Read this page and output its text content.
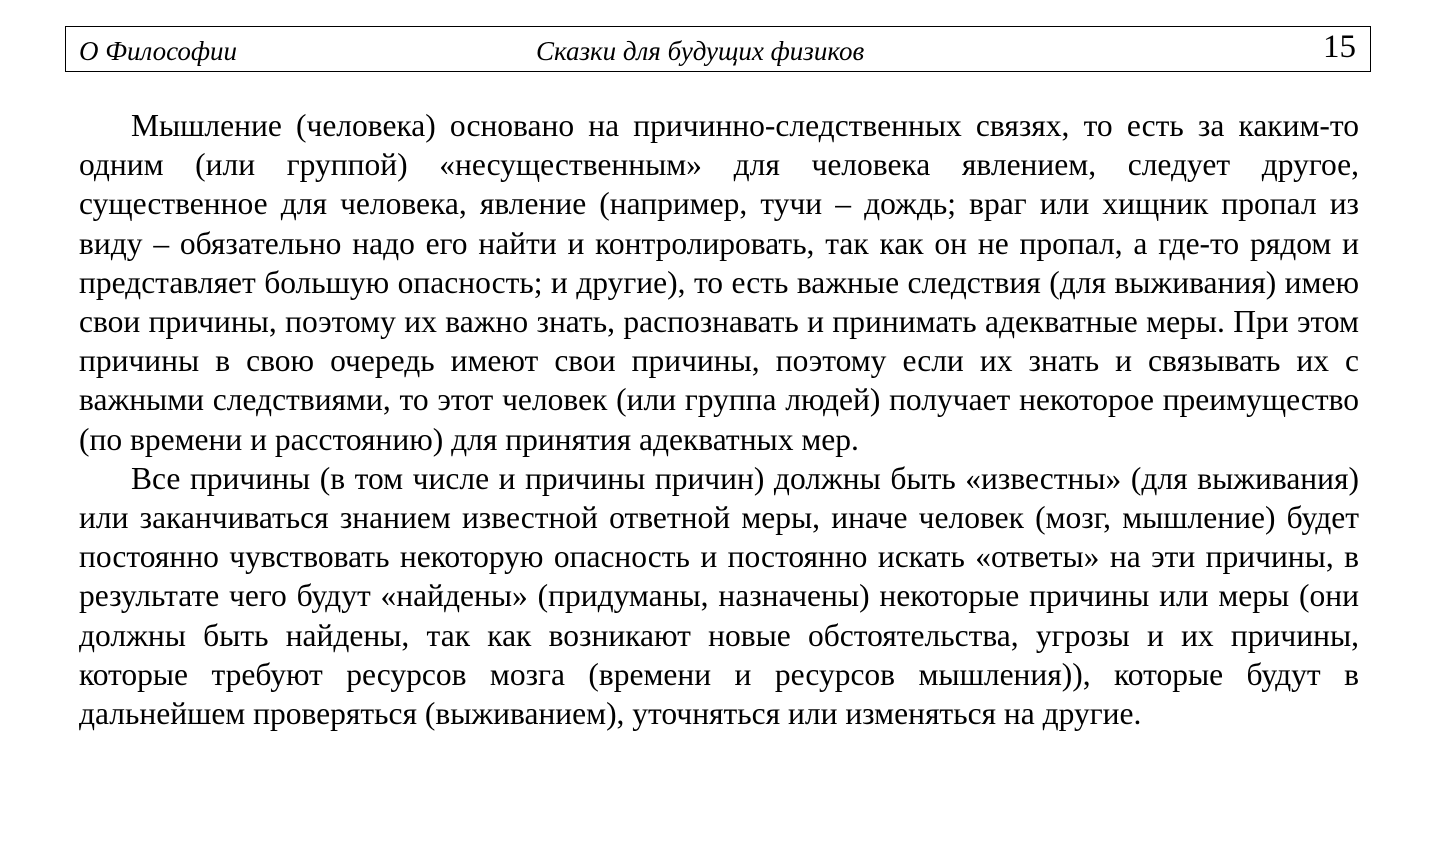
О Философии	Сказки для будущих физиков	15

Мышление (человека) основано на причинно-следственных связях, то есть за каким-то одним (или группой) «несущественным» для человека явлением, следует другое, существенное для человека, явление (например, тучи – дождь; враг или хищник пропал из виду – обязательно надо его найти и контролировать, так как он не пропал, а где-то рядом и представляет большую опасность; и другие), то есть важные следствия (для выживания) имею свои причины, поэтому их важно знать, распознавать и принимать адекватные меры. При этом причины в свою очередь имеют свои причины, поэтому если их знать и связывать их с важными следствиями, то этот человек (или группа людей) получает некоторое преимущество (по времени и расстоянию) для принятия адекватных мер.

Все причины (в том числе и причины причин) должны быть «известны» (для выживания) или заканчиваться знанием известной ответной меры, иначе человек (мозг, мышление) будет постоянно чувствовать некоторую опасность и постоянно искать «ответы» на эти причины, в результате чего будут «найдены» (придуманы, назначены) некоторые причины или меры (они должны быть найдены, так как возникают новые обстоятельства, угрозы и их причины, которые требуют ресурсов мозга (времени и ресурсов мышления)), которые будут в дальнейшем проверяться (выживанием), уточняться или изменяться на другие.
